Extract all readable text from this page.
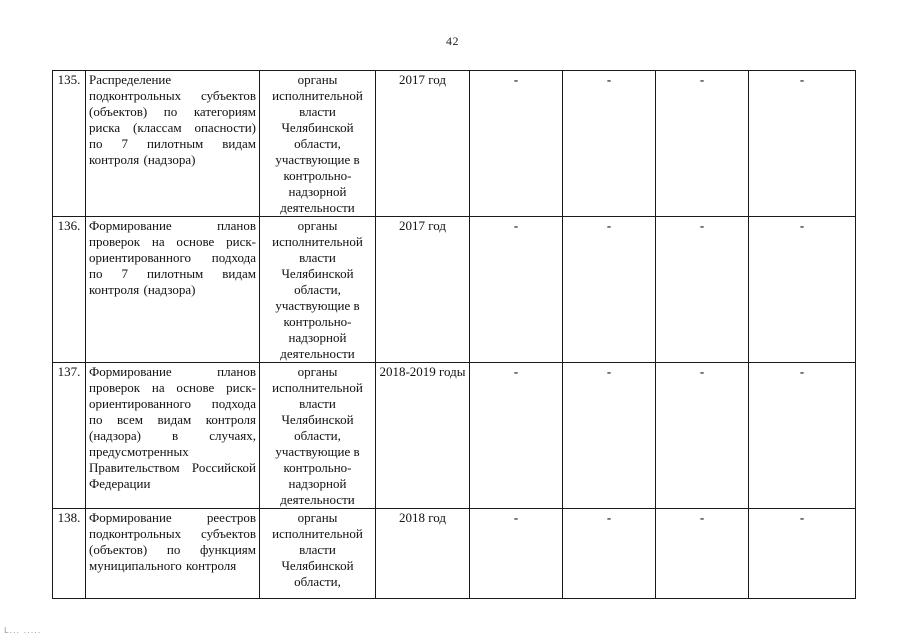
42
135.	Распределение подконтрольных субъектов (объектов) по категориям риска (классам опасности) по 7 пилотным видам контроля (надзора)	органы исполнительной власти Челябинской области, участвующие в контрольно-надзорной деятельности	2017 год	-	-	-	-
136.	Формирование планов проверок на основе риск-ориентированного подхода по 7 пилотным видам контроля (надзора)	органы исполнительной власти Челябинской области, участвующие в контрольно-надзорной деятельности	2017 год	-	-	-	-
137.	Формирование планов проверок на основе риск-ориентированного подхода по всем видам контроля (надзора) в случаях, предусмотренных Правительством Российской Федерации	органы исполнительной власти Челябинской области, участвующие в контрольно-надзорной деятельности	2018-2019 годы	-	-	-	-
138.	Формирование реестров подконтрольных субъектов (объектов) по функциям муниципального контроля	органы исполнительной власти Челябинской области,	2018 год	-	-	-	-
L... .....
